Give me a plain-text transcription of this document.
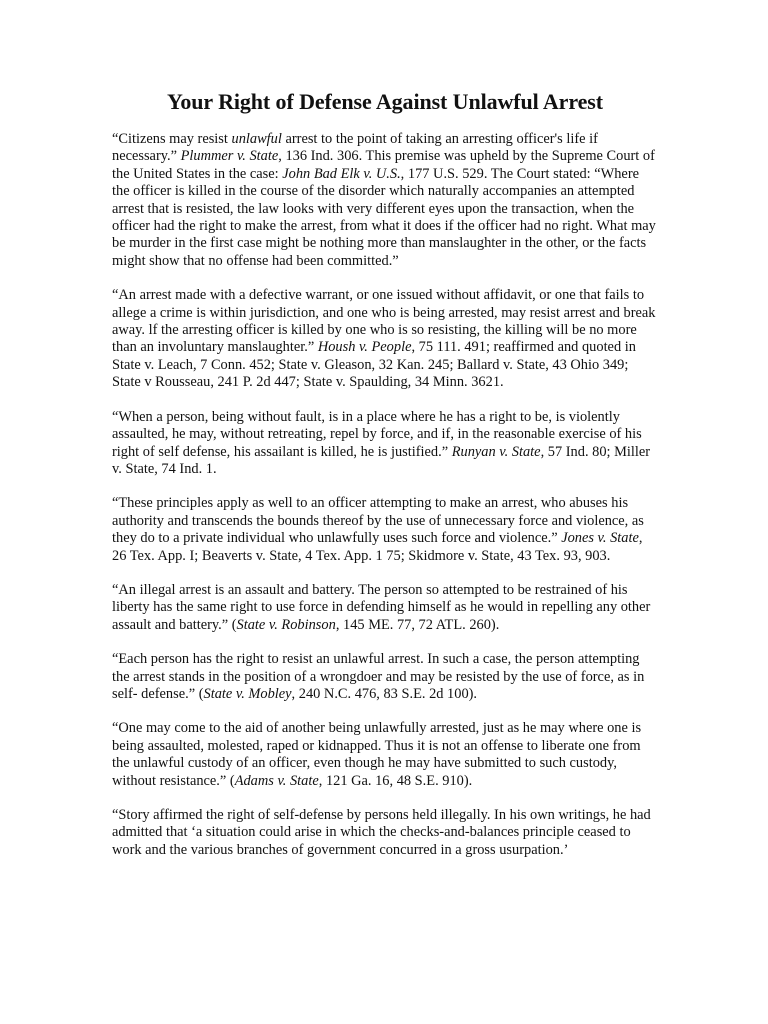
Your Right of Defense Against Unlawful Arrest

“Citizens may resist unlawful arrest to the point of taking an arresting officer's life if necessary.” Plummer v. State, 136 Ind. 306. This premise was upheld by the Supreme Court of the United States in the case: John Bad Elk v. U.S., 177 U.S. 529. The Court stated: “Where the officer is killed in the course of the disorder which naturally accompanies an attempted arrest that is resisted, the law looks with very different eyes upon the transaction, when the officer had the right to make the arrest, from what it does if the officer had no right. What may be murder in the first case might be nothing more than manslaughter in the other, or the facts might show that no offense had been committed.”

“An arrest made with a defective warrant, or one issued without affidavit, or one that fails to allege a crime is within jurisdiction, and one who is being arrested, may resist arrest and break away. lf the arresting officer is killed by one who is so resisting, the killing will be no more than an involuntary manslaughter.” Housh v. People, 75 111. 491; reaffirmed and quoted in State v. Leach, 7 Conn. 452; State v. Gleason, 32 Kan. 245; Ballard v. State, 43 Ohio 349; State v Rousseau, 241 P. 2d 447; State v. Spaulding, 34 Minn. 3621.

“When a person, being without fault, is in a place where he has a right to be, is violently assaulted, he may, without retreating, repel by force, and if, in the reasonable exercise of his right of self defense, his assailant is killed, he is justified.” Runyan v. State, 57 Ind. 80; Miller v. State, 74 Ind. 1.

“These principles apply as well to an officer attempting to make an arrest, who abuses his authority and transcends the bounds thereof by the use of unnecessary force and violence, as they do to a private individual who unlawfully uses such force and violence.” Jones v. State, 26 Tex. App. I; Beaverts v. State, 4 Tex. App. 1 75; Skidmore v. State, 43 Tex. 93, 903.

“An illegal arrest is an assault and battery. The person so attempted to be restrained of his liberty has the same right to use force in defending himself as he would in repelling any other assault and battery.” (State v. Robinson, 145 ME. 77, 72 ATL. 260).

“Each person has the right to resist an unlawful arrest. In such a case, the person attempting the arrest stands in the position of a wrongdoer and may be resisted by the use of force, as in self- defense.” (State v. Mobley, 240 N.C. 476, 83 S.E. 2d 100).

“One may come to the aid of another being unlawfully arrested, just as he may where one is being assaulted, molested, raped or kidnapped. Thus it is not an offense to liberate one from the unlawful custody of an officer, even though he may have submitted to such custody, without resistance.” (Adams v. State, 121 Ga. 16, 48 S.E. 910).

“Story affirmed the right of self-defense by persons held illegally. In his own writings, he had admitted that ‘a situation could arise in which the checks-and-balances principle ceased to work and the various branches of government concurred in a gross usurpation.’
